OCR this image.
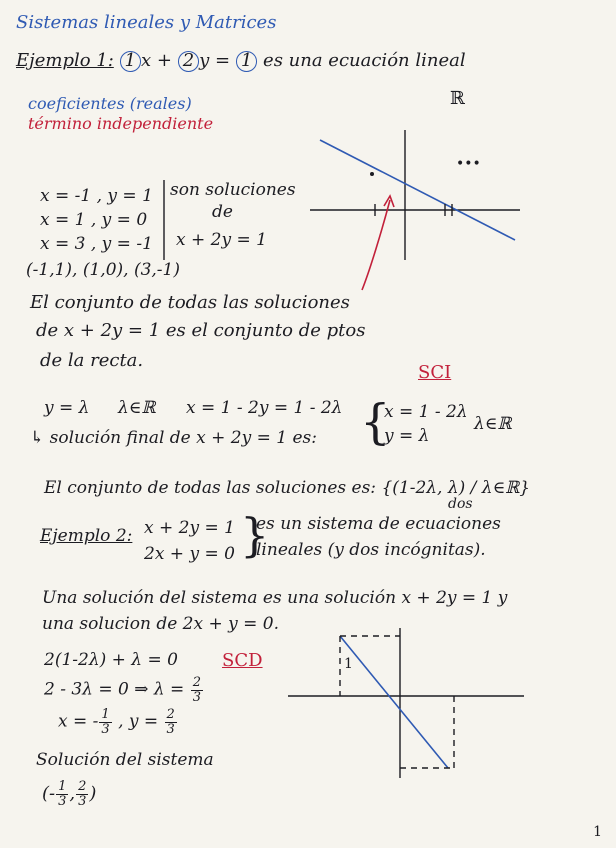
Sistemas lineales y Matrices
Ejemplo 1: 1 x + 2 y = 1 es una ecuación lineal
coeficientes (reales)
término independiente
ℝ
•••
x = -1 , y = 1
x = 1 , y = 0
x = 3 , y = -1
son soluciones
de
x + 2y = 1
(-1,1), (1,0), (3,-1)
El conjunto de todas las soluciones
de x + 2y = 1 es el conjunto de ptos
de la recta.
SCI
y = λ λ∈ℝ x = 1 - 2y = 1 - 2λ
↳ solución final de x + 2y = 1 es: {
x = 1 - 2λ
y = λ
λ∈ℝ
El conjunto de todas las soluciones es: {(1-2λ, λ) / λ∈ℝ}
Ejemplo 2: x + 2y = 1
2x + y = 0 }
es un sistema de ecuaciones
lineales (y dos incógnitas).
dos
Una solución del sistema es una solución x + 2y = 1 y
una solucion de 2x + y = 0.
SCD
2(1-2λ) + λ = 0
2 - 3λ = 0 ⇒ $\lambda = \frac{2}{3}$
x = - $\frac{1}{3}$ , $y = \frac{2}{3}$
Solución del sistema
(- $\frac{1}{3}$ , $\frac{2}{3}$ )
1
1
